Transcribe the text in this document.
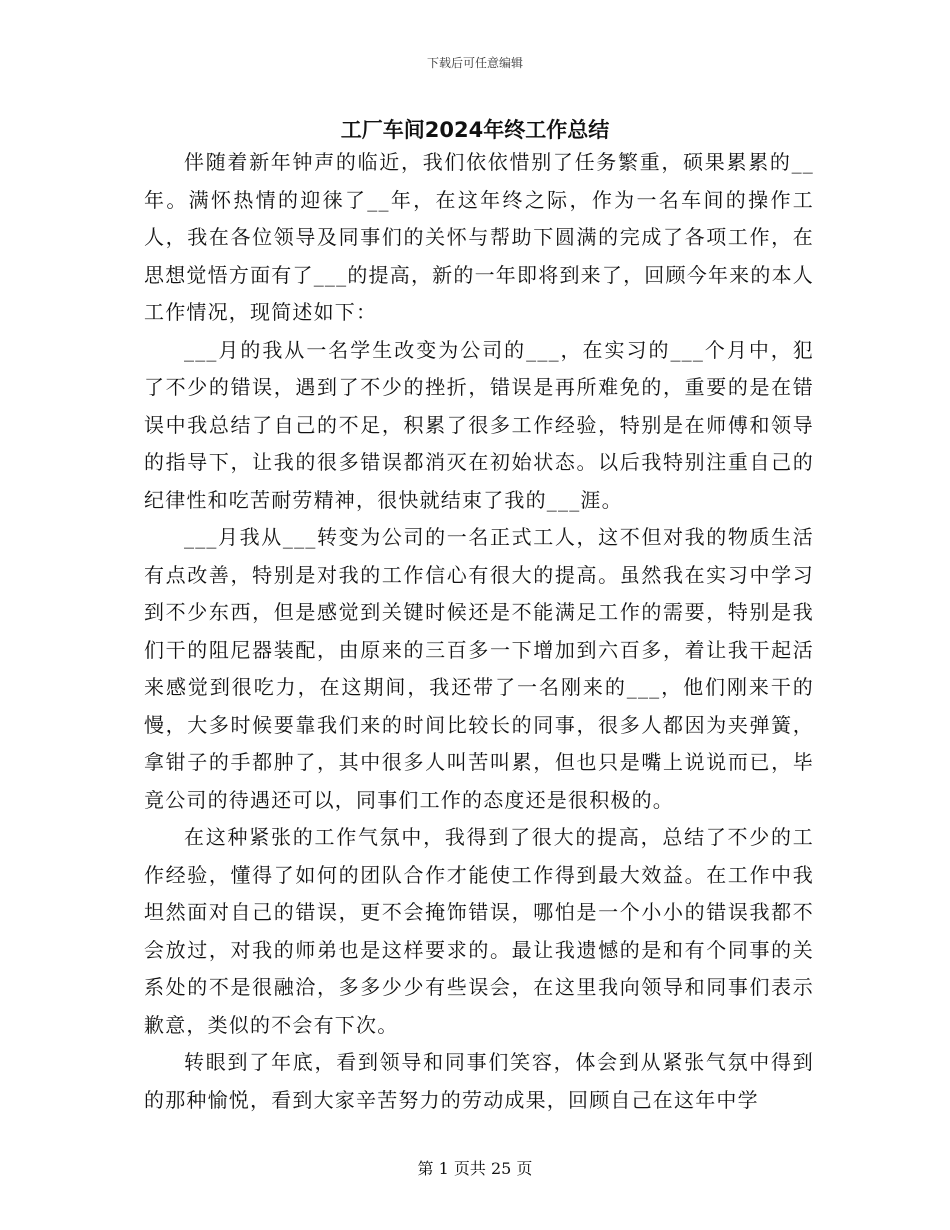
下载后可任意编辑
工厂车间2024年终工作总结

伴随着新年钟声的临近，我们依依惜别了任务繁重，硕果累累的__年。满怀热情的迎徕了__年，在这年终之际，作为一名车间的操作工人，我在各位领导及同事们的关怀与帮助下圆满的完成了各项工作，在思想觉悟方面有了___的提高，新的一年即将到来了，回顾今年来的本人工作情况，现简述如下：

___月的我从一名学生改变为公司的___，在实习的___个月中，犯了不少的错误，遇到了不少的挫折，错误是再所难免的，重要的是在错误中我总结了自己的不足，积累了很多工作经验，特别是在师傅和领导的指导下，让我的很多错误都消灭在初始状态。以后我特别注重自己的纪律性和吃苦耐劳精神，很快就结束了我的___涯。

___月我从___转变为公司的一名正式工人，这不但对我的物质生活有点改善，特别是对我的工作信心有很大的提高。虽然我在实习中学习到不少东西，但是感觉到关键时候还是不能满足工作的需要，特别是我们干的阻尼器装配，由原来的三百多一下增加到六百多，着让我干起活来感觉到很吃力，在这期间，我还带了一名刚来的___，他们刚来干的慢，大多时候要靠我们来的时间比较长的同事，很多人都因为夹弹簧，拿钳子的手都肿了，其中很多人叫苦叫累，但也只是嘴上说说而已，毕竟公司的待遇还可以，同事们工作的态度还是很积极的。

在这种紧张的工作气氛中，我得到了很大的提高，总结了不少的工作经验，懂得了如何的团队合作才能使工作得到最大效益。在工作中我坦然面对自己的错误，更不会掩饰错误，哪怕是一个小小的错误我都不会放过，对我的师弟也是这样要求的。最让我遗憾的是和有个同事的关系处的不是很融洽，多多少少有些误会，在这里我向领导和同事们表示歉意，类似的不会有下次。

转眼到了年底，看到领导和同事们笑容，体会到从紧张气氛中得到的那种愉悦，看到大家辛苦努力的劳动成果，回顾自己在这年中学

第 1 页共 25 页
